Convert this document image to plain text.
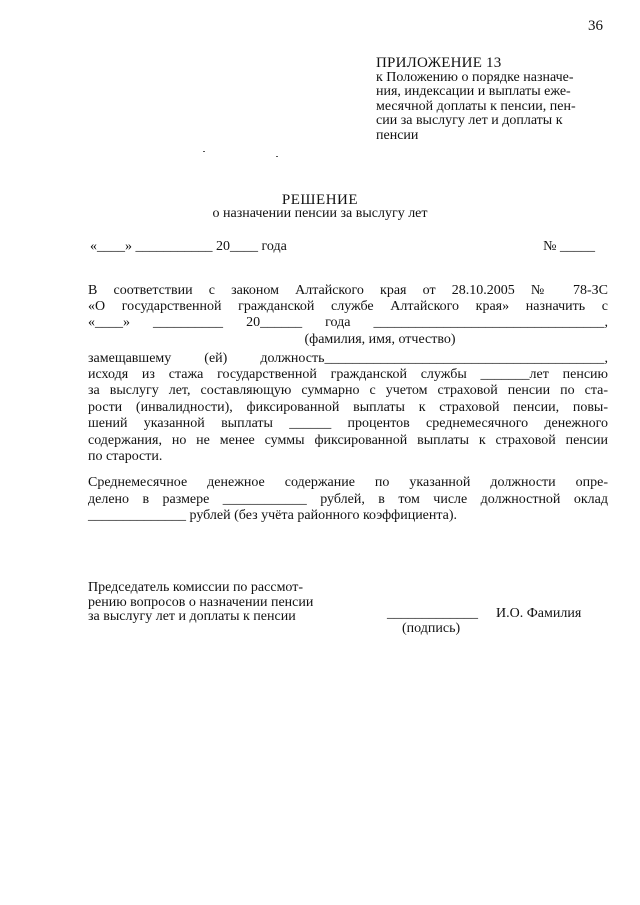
36
ПРИЛОЖЕНИЕ 13
к Положению о порядке назначе-
ния, индексации и выплаты еже-
месячной доплаты к пенсии, пен-
сии за выслугу лет и доплаты к
пенсии
РЕШЕНИЕ
о назначении пенсии за выслугу лет
«____» ___________ 20____ года	№ _____
В соответствии с законом Алтайского края от 28.10.2005 № 78-ЗС
«О государственной гражданской службе Алтайского края» назначить с
«____» __________ 20______ года _________________________________,
(фамилия, имя, отчество)
замещавшему (ей) должность________________________________________,
исходя из стажа государственной гражданской службы _______лет пенсию
за выслугу лет, составляющую суммарно с учетом страховой пенсии по ста-
рости (инвалидности), фиксированной выплаты к страховой пенсии, повы-
шений указанной выплаты ______ процентов среднемесячного денежного
содержания, но не менее суммы фиксированной выплаты к страховой пенсии
по старости.
Среднемесячное денежное содержание по указанной должности опре-
делено в размере ____________ рублей, в том числе должностной оклад
______________ рублей (без учёта районного коэффициента).
Председатель комиссии по рассмот-
рению вопросов о назначении пенсии
за выслугу лет и доплаты к пенсии	_____________ И.О. Фамилия
(подпись)
